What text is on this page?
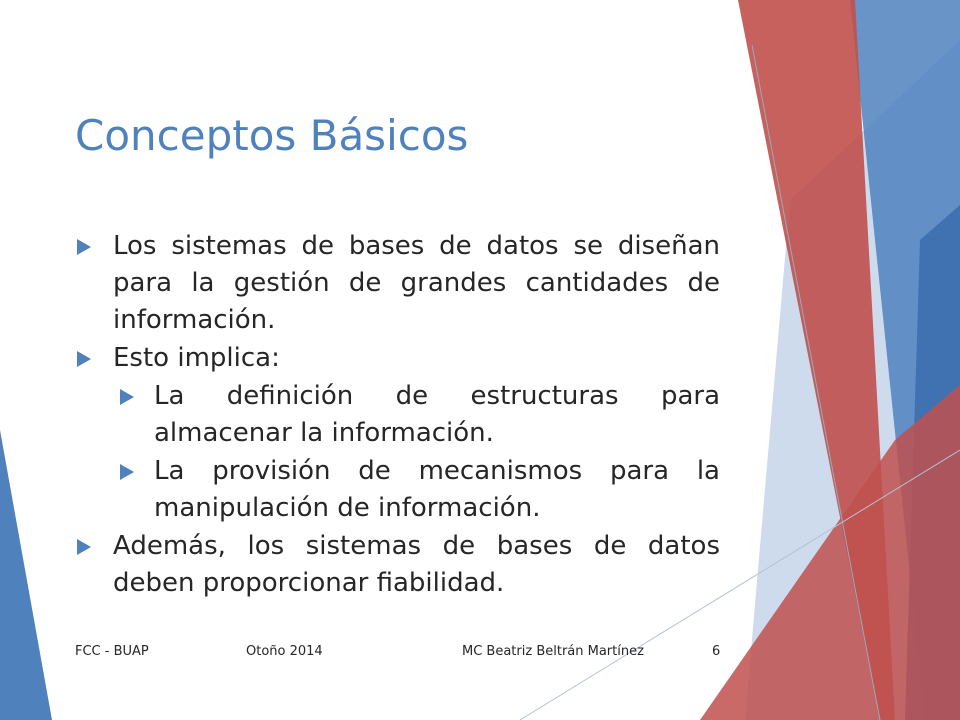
Conceptos Básicos
Los sistemas de bases de datos se diseñan para la gestión de grandes cantidades de información.
Esto implica:
La definición de estructuras para almacenar la información.
La provisión de mecanismos para la manipulación de información.
Además, los sistemas de bases de datos deben proporcionar fiabilidad.
FCC - BUAP	Otoño 2014	MC Beatriz Beltrán Martínez	6
